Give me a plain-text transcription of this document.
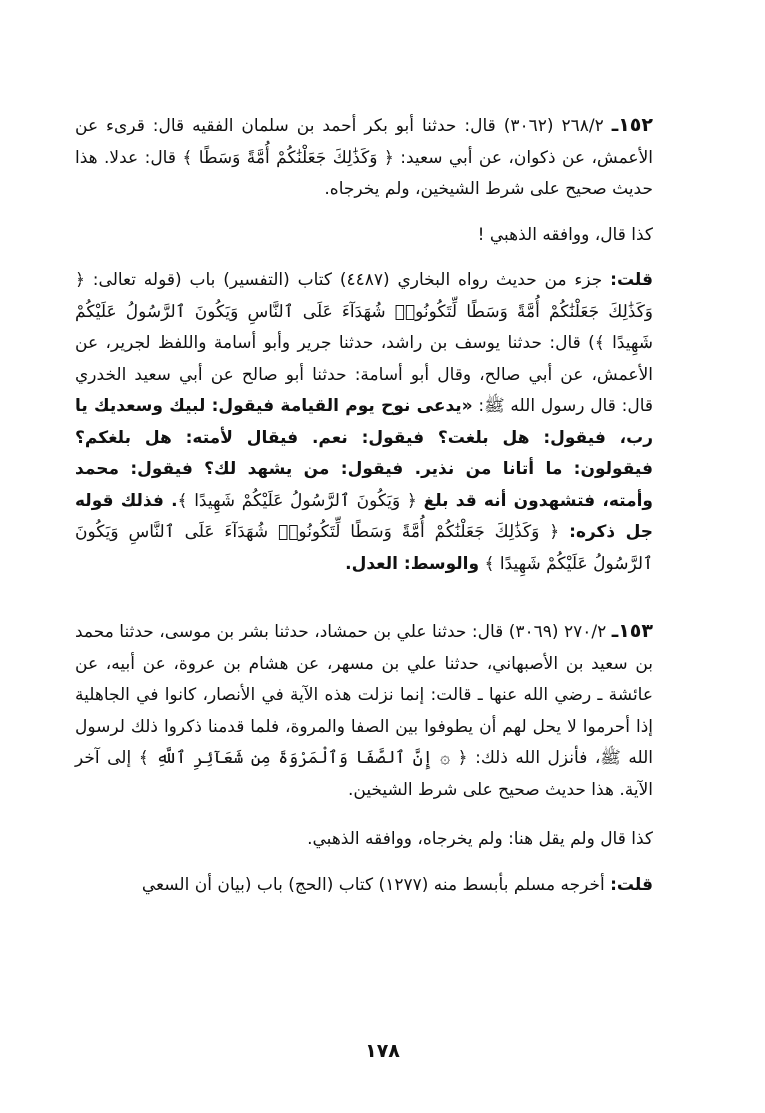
١٥٢ـ ٢٦٨/٢ (٣٠٦٢) قال: حدثنا أبو بكر أحمد بن سلمان الفقيه قال: قرىء عن الأعمش، عن ذكوان، عن أبي سعيد: ﴿ وَكَذَٰلِكَ جَعَلْنَٰكُمْ أُمَّةً وَسَطًا ﴾ قال: عدلا. هذا حديث صحيح على شرط الشيخين، ولم يخرجاه.

كذا قال، ووافقه الذهبي !

قلت: جزء من حديث رواه البخاري (٤٤٨٧) كتاب (التفسير) باب (قوله تعالى: ﴿ وَكَذَٰلِكَ جَعَلْنَٰكُمْ أُمَّةً وَسَطًا لِّتَكُونُوا۟ شُهَدَآءَ عَلَى ٱلنَّاسِ وَيَكُونَ ٱلرَّسُولُ عَلَيْكُمْ شَهِيدًا ﴾) قال: حدثنا يوسف بن راشد، حدثنا جرير وأبو أسامة واللفظ لجرير، عن الأعمش، عن أبي صالح، وقال أبو أسامة: حدثنا أبو صالح عن أبي سعيد الخدري قال: قال رسول الله ﷺ: «يدعى نوح يوم القيامة فيقول: لبيك وسعديك يا رب، فيقول: هل بلغت؟ فيقول: نعم. فيقال لأمته: هل بلغكم؟ فيقولون: ما أتانا من نذير. فيقول: من يشهد لك؟ فيقول: محمد وأمته، فتشهدون أنه قد بلغ ﴿ وَيَكُونَ ٱلرَّسُولُ عَلَيْكُمْ شَهِيدًا ﴾. فذلك قوله جل ذكره: ﴿ وَكَذَٰلِكَ جَعَلْنَٰكُمْ أُمَّةً وَسَطًا لِّتَكُونُوا۟ شُهَدَآءَ عَلَى ٱلنَّاسِ وَيَكُونَ ٱلرَّسُولُ عَلَيْكُمْ شَهِيدًا ﴾ والوسط: العدل.

١٥٣ـ ٢٧٠/٢ (٣٠٦٩) قال: حدثنا علي بن حمشاد، حدثنا بشر بن موسى، حدثنا محمد بن سعيد بن الأصبهاني، حدثنا علي بن مسهر، عن هشام بن عروة، عن أبيه، عن عائشة ـ رضي الله عنها ـ قالت: إنما نزلت هذه الآية في الأنصار، كانوا في الجاهلية إذا أحرموا لا يحل لهم أن يطوفوا بين الصفا والمروة، فلما قدمنا ذكروا ذلك لرسول الله ﷺ، فأنزل الله ذلك: ﴿ ۞ إِنَّ ٱلصَّفَا وَٱلْمَرْوَةَ مِن شَعَآئِرِ ٱللَّهِ ﴾ إلى آخر الآية. هذا حديث صحيح على شرط الشيخين.

كذا قال ولم يقل هنا: ولم يخرجاه، ووافقه الذهبي.

قلت: أخرجه مسلم بأبسط منه (١٢٧٧) كتاب (الحج) باب (بيان أن السعي

١٧٨
